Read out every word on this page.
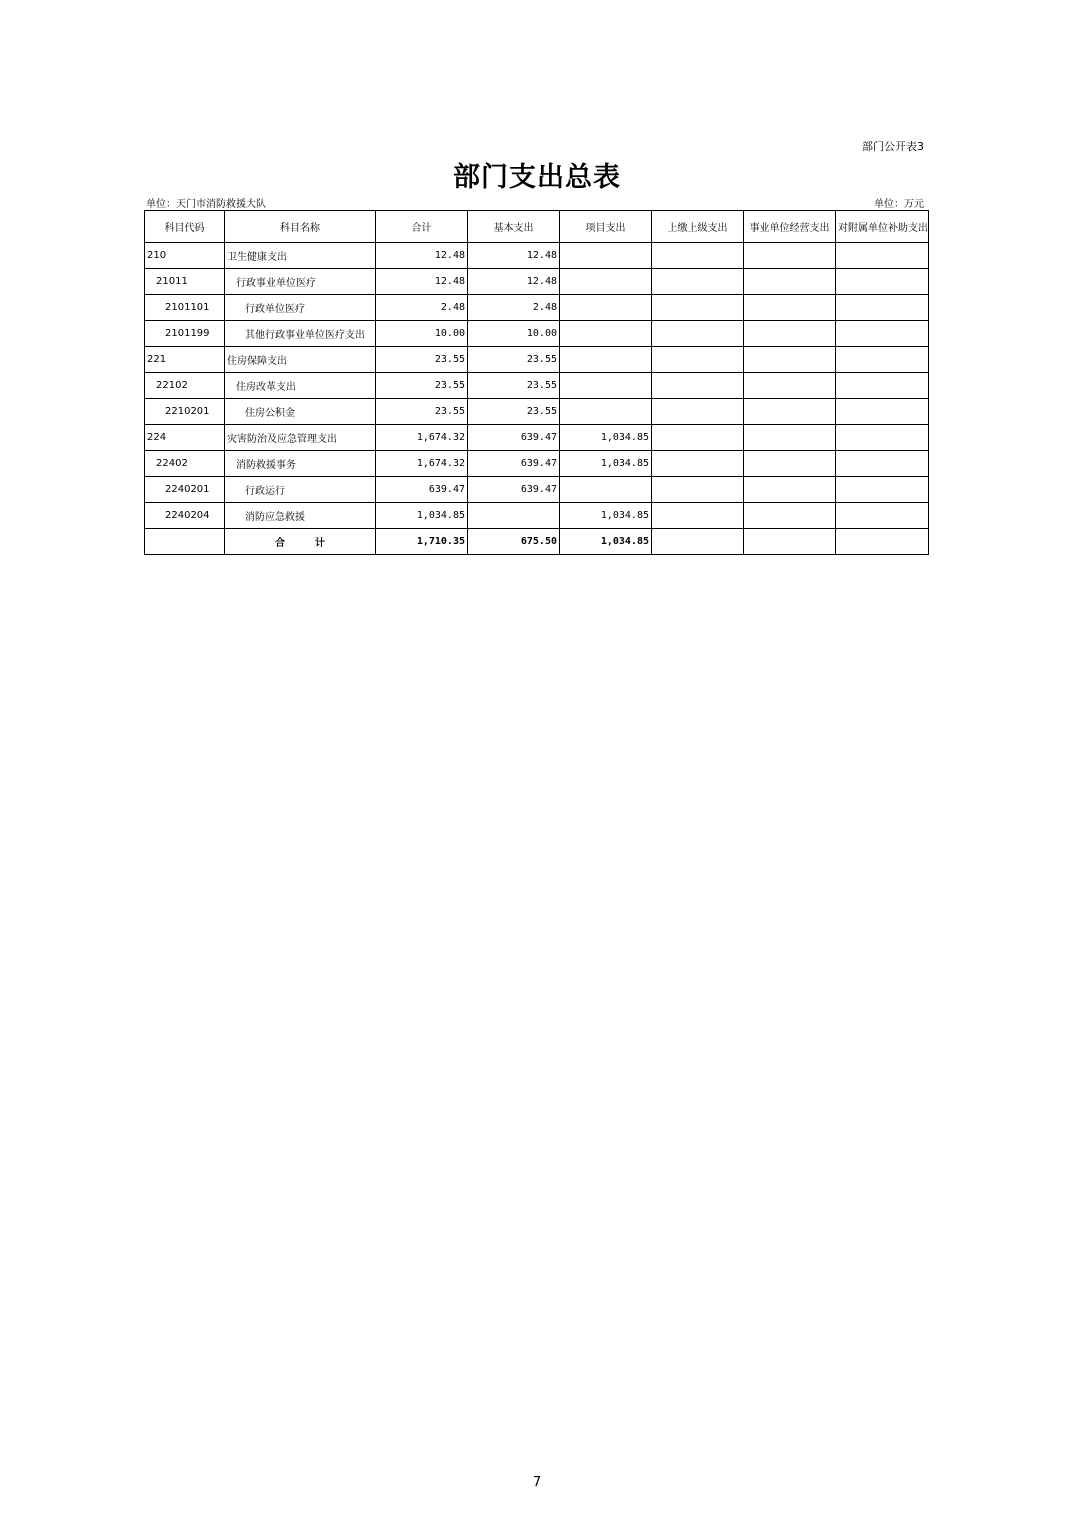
部门公开表3
部门支出总表
单位：天门市消防救援大队	单位：万元
科目代码	科目名称	合计	基本支出	项目支出	上缴上级支出	事业单位经营支出	对附属单位补助支出
210	卫生健康支出	12.48	12.48				
21011	行政事业单位医疗	12.48	12.48				
2101101	行政单位医疗	2.48	2.48				
2101199	其他行政事业单位医疗支出	10.00	10.00				
221	住房保障支出	23.55	23.55				
22102	住房改革支出	23.55	23.55				
2210201	住房公积金	23.55	23.55				
224	灾害防治及应急管理支出	1,674.32	639.47	1,034.85			
22402	消防救援事务	1,674.32	639.47	1,034.85			
2240201	行政运行	639.47	639.47				
2240204	消防应急救援	1,034.85		1,034.85			
	合　　　计	1,710.35	675.50	1,034.85			
7
